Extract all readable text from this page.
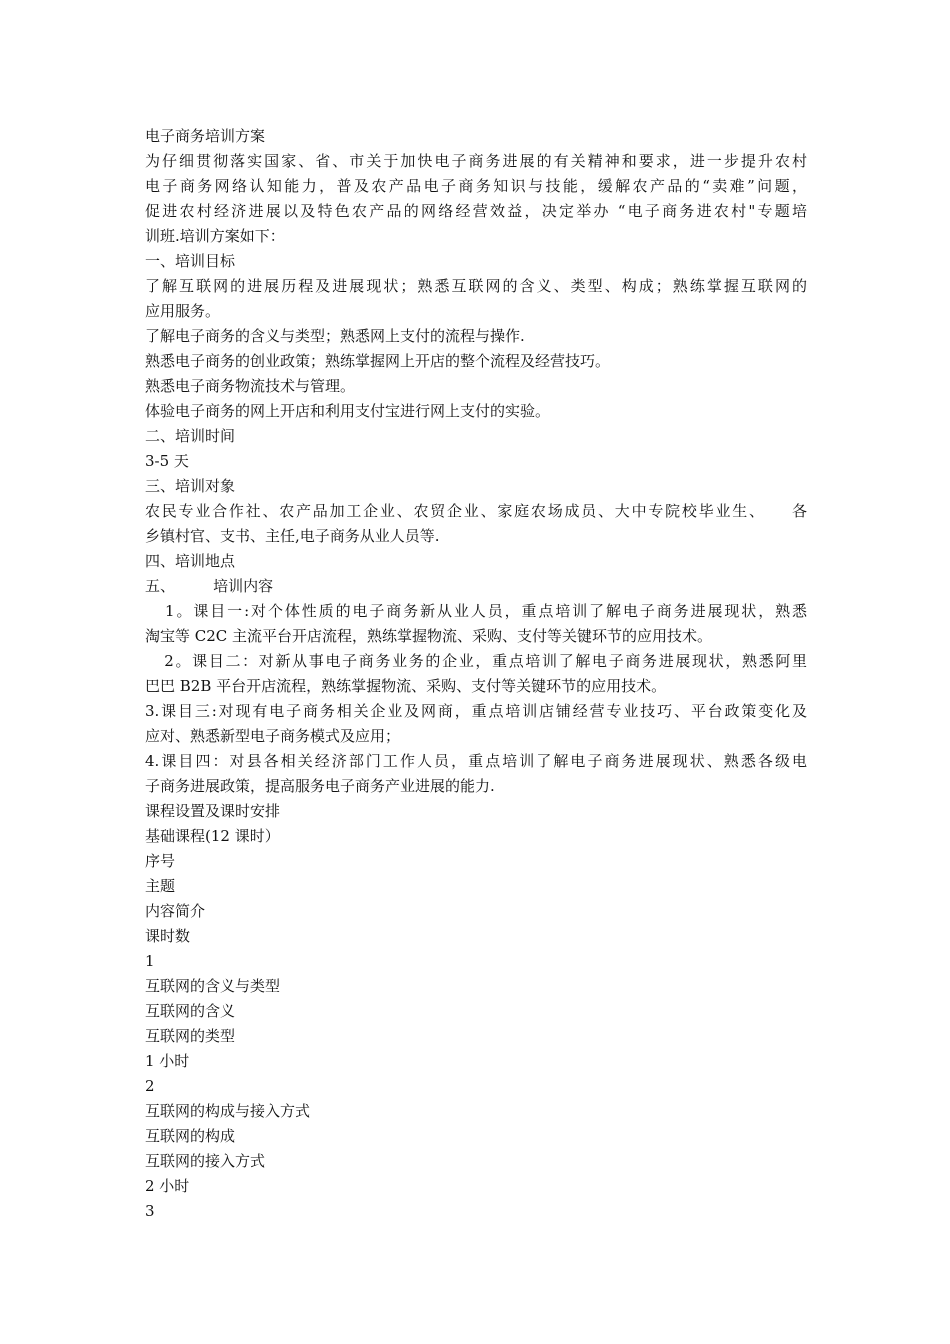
电子商务培训方案
为仔细贯彻落实国家、省、市关于加快电子商务进展的有关精神和要求，进一步提升农村
电子商务网络认知能力，普及农产品电子商务知识与技能，缓解农产品的“卖难”问题，
促进农村经济进展以及特色农产品的网络经营效益，决定举办 “电子商务进农村"专题培
训班.培训方案如下：
一、培训目标
了解互联网的进展历程及进展现状；熟悉互联网的含义、类型、构成；熟练掌握互联网的
应用服务。
了解电子商务的含义与类型；熟悉网上支付的流程与操作.
熟悉电子商务的创业政策；熟练掌握网上开店的整个流程及经营技巧。
熟悉电子商务物流技术与管理。
体验电子商务的网上开店和利用支付宝进行网上支付的实验。
二、培训时间
3-5 天
三、培训对象
农民专业合作社、农产品加工企业、农贸企业、家庭农场成员、大中专院校毕业生、    各
乡镇村官、支书、主任,电子商务从业人员等.
四、培训地点
五、        培训内容
1。课目一:对个体性质的电子商务新从业人员，重点培训了解电子商务进展现状，熟悉
淘宝等 C2C 主流平台开店流程，熟练掌握物流、采购、支付等关键环节的应用技术。
2。课目二：对新从事电子商务业务的企业，重点培训了解电子商务进展现状，熟悉阿里
巴巴 B2B 平台开店流程，熟练掌握物流、采购、支付等关键环节的应用技术。
3.课目三:对现有电子商务相关企业及网商，重点培训店铺经营专业技巧、平台政策变化及
应对、熟悉新型电子商务模式及应用；
4.课目四：对县各相关经济部门工作人员，重点培训了解电子商务进展现状、熟悉各级电
子商务进展政策，提高服务电子商务产业进展的能力.
课程设置及课时安排
基础课程(12 课时）
序号
主题
内容简介
课时数
1
互联网的含义与类型
互联网的含义
互联网的类型
1 小时
2
互联网的构成与接入方式
互联网的构成
互联网的接入方式
2 小时
3
